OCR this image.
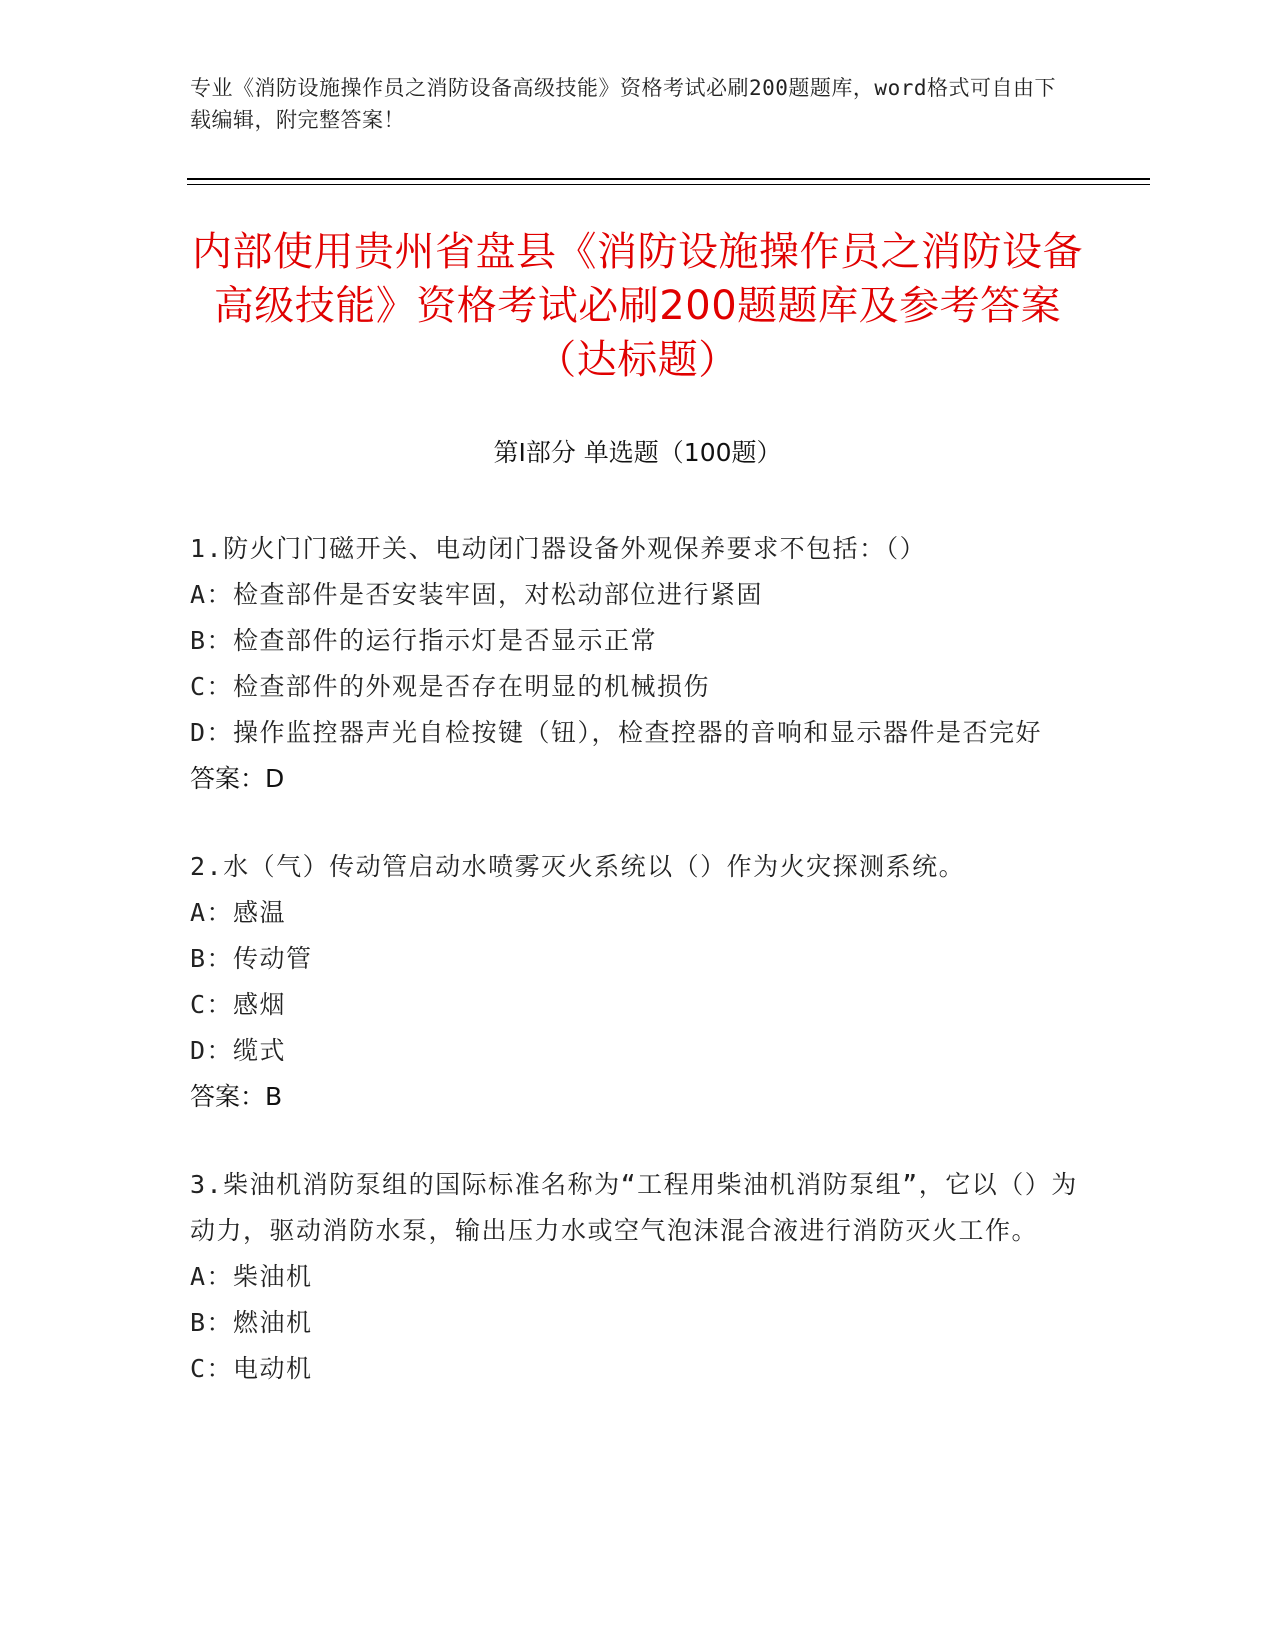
专业《消防设施操作员之消防设备高级技能》资格考试必刷200题题库，word格式可自由下载编辑，附完整答案！
内部使用贵州省盘县《消防设施操作员之消防设备高级技能》资格考试必刷200题题库及参考答案（达标题）
第Ⅰ部分 单选题（100题）
1.防火门门磁开关、电动闭门器设备外观保养要求不包括：（）
A：检查部件是否安装牢固，对松动部位进行紧固
B：检查部件的运行指示灯是否显示正常
C：检查部件的外观是否存在明显的机械损伤
D：操作监控器声光自检按键（钮），检查控器的音响和显示器件是否完好
答案：D
2.水（气）传动管启动水喷雾灭火系统以（）作为火灾探测系统。
A：感温
B：传动管
C：感烟
D：缆式
答案：B
3.柴油机消防泵组的国际标准名称为“工程用柴油机消防泵组”，它以（）为动力，驱动消防水泵，输出压力水或空气泡沫混合液进行消防灭火工作。
A：柴油机
B：燃油机
C：电动机
